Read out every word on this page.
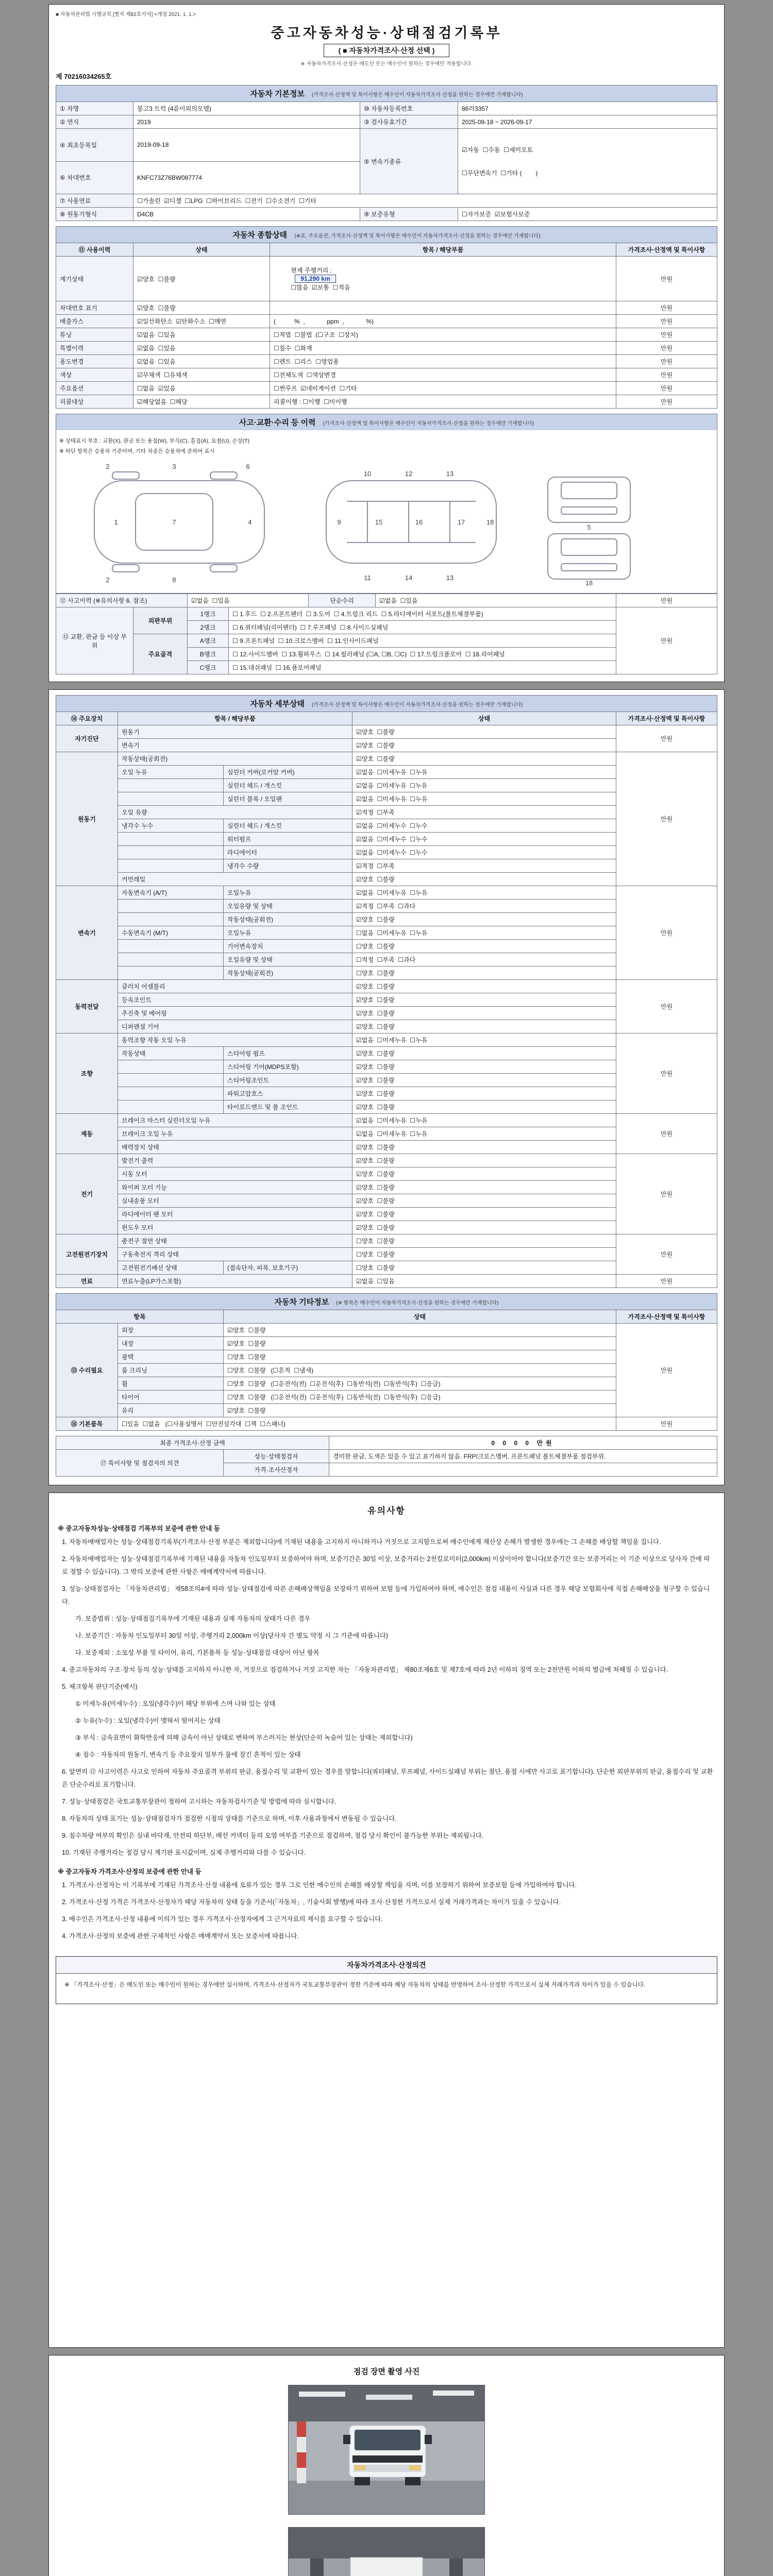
■ 자동차관리법 시행규칙 [별지 제82호서식] <개정 2021. 1. 1.>
중고자동차성능·상태점검기록부
( ■ 자동차가격조사·산정 선택 )
※ 자동차가격조사·산정은 매도인 또는 매수인이 원하는 경우에만 적용합니다.
제 70216034265호
자동차 기본정보 (가격조사·산정액 및 특이사항은 매수인이 자동차가격조사·산정을 원하는 경우에만 기재합니다)
① 차명	봉고3 트럭 (4륜이외의모델)	⑩ 자동차등록번호	86러3357
② 연식	2019	③ 검사유효기간	2025-09-18 ~ 2026-09-17
④ 최초등록일	2019-09-18	⑤ 변속기종류	☑자동  ☐수동  ☐세미오토

☐무단변속기  ☐기타 (        )

⑥ 차대번호	KNFC73Z76BW087774		
⑦ 사용연료	☐가솔린  ☑디젤  ☐LPG  ☐하이브리드  ☐전기  ☐수소전기  ☐기타		
⑧ 원동기형식	D4CB	⑨ 보증유형	☐자가보증  ☑보험사보증
자동차 종합상태 (※표, 주요옵션, 가격조사·산정액 및 특이사항은 매수인이 자동차가격조사·산정을 원하는 경우에만 기재합니다)
⑪ 사용이력	상태	항목 / 해당부품	가격조사·산정액 및 특이사항
계기상태	☑양호  ☐불량	현재 주행거리 :
91,290 km
☐많음  ☑보통  ☐적음	만원
차대번호 표기	☑양호  ☐불량		만원
배출가스	☑일산화탄소  ☑탄화수소  ☐매연	(　　　%  ,  　　　ppm  ,  　　　%)	만원
튜닝	☑없음  ☐있음	☐적법  ☐불법  (☐구조  ☐장치)	만원
특별이력	☑없음  ☐있음	☐침수  ☐화재	만원
용도변경	☑없음  ☐있음	☐렌트  ☐리스  ☐영업용	만원
색상	☑무채색  ☐유채색	☐전체도색  ☐색상변경	만원
주요옵션	☐없음  ☑있음	☐썬루프  ☑네비게이션  ☐기타	만원
리콜대상	☑해당없음  ☐해당	리콜이행 : ☐이행  ☐미이행	만원
사고·교환·수리 등 이력 (가격조사·산정액 및 특이사항은 매수인이 자동차가격조사·산정을 원하는 경우에만 기재합니다)
※ 상태표시 부호 : 교환(X), 판금 또는 용접(W), 부식(C), 흠집(A), 요철(U), 손상(T)
※ 하단 항목은 승용차 기준이며, 기타 차종은 승용차에 준하여 표시
1	7	4
2	3	6
8
2
9	15	16	17	18
10	12	13
11	14	13
5
18
⑫ 사고이력 (※유의사항 6. 참조)	☑없음  ☐있음	단순수리	☑없음  ☐있음	만원
⑬ 교환, 판금 등 이상 부위	외판부위	1랭크	☐ 1.후드  ☐ 2.프론트펜더  ☐ 3.도어  ☐ 4.트렁크 리드  ☐ 5.라디에이터 서포트(볼트체결부품)	만원
		2랭크	☐ 6.쿼터패널(리어펜더)  ☐ 7.루프패널  ☐ 8.사이드실패널	
	주요골격	A랭크	☐ 9.프론트패널  ☐ 10.크로스멤버  ☐ 11.인사이드패널	
		B랭크	☐ 12.사이드멤버  ☐ 13.휠하우스  ☐ 14.필러패널 (☐A, ☐B, ☐C)  ☐ 17.트렁크플로어  ☐ 18.리어패널	
		C랭크	☐ 15.대쉬패널  ☐ 16.플로어패널	
자동차 세부상태 (가격조사·산정액 및 특이사항은 매수인이 자동차가격조사·산정을 원하는 경우에만 기재합니다)
⑭ 주요장치	항목 / 해당부품		상태	가격조사·산정액 및 특이사항
자기진단	원동기		☑양호  ☐불량	만원
	변속기		☑양호  ☐불량	
원동기	작동상태(공회전)		☑양호  ☐불량	만원
	오일 누유	실린더 커버(로커암 커버)	☑없음  ☐미세누유  ☐누유	
		실린더 헤드 / 개스킷	☑없음  ☐미세누유  ☐누유	
		실린더 블록 / 오일팬	☑없음  ☐미세누유  ☐누유	
	오일 유량		☑적정  ☐부족	
	냉각수 누수	실린더 헤드 / 개스킷	☑없음  ☐미세누수  ☐누수	
		워터펌프	☑없음  ☐미세누수  ☐누수	
		라디에이터	☑없음  ☐미세누수  ☐누수	
		냉각수 수량	☑적정  ☐부족	
	커먼레일		☑양호  ☐불량	
변속기	자동변속기 (A/T)	오일누유	☑없음  ☐미세누유  ☐누유	만원
		오일유량 및 상태	☑적정  ☐부족  ☐과다	
		작동상태(공회전)	☑양호  ☐불량	
	수동변속기 (M/T)	오일누유	☐없음  ☐미세누유  ☐누유	
		기어변속장치	☐양호  ☐불량	
		오일유량 및 상태	☐적정  ☐부족  ☐과다	
		작동상태(공회전)	☐양호  ☐불량	
동력전달	클러치 어셈블리		☑양호  ☐불량	만원
	등속조인트		☑양호  ☐불량	
	추진축 및 베어링		☑양호  ☐불량	
	디퍼렌셜 기어		☑양호  ☐불량	
조향	동력조향 작동 오일 누유		☑없음  ☐미세누유  ☐누유	만원
	작동상태	스티어링 펌프	☑양호  ☐불량	
		스티어링 기어(MDPS포함)	☑양호  ☐불량	
		스티어링조인트	☑양호  ☐불량	
		파워고압호스	☑양호  ☐불량	
		타이로드엔드 및 볼 조인트	☑양호  ☐불량	
제동	브레이크 마스터 실린더오일 누유		☑없음  ☐미세누유  ☐누유	만원
	브레이크 오일 누유		☑없음  ☐미세누유  ☐누유	
	배력장치 상태		☑양호  ☐불량	
전기	발전기 출력		☑양호  ☐불량	만원
	시동 모터		☑양호  ☐불량	
	와이퍼 모터 기능		☑양호  ☐불량	
	실내송풍 모터		☑양호  ☐불량	
	라디에이터 팬 모터		☑양호  ☐불량	
	윈도우 모터		☑양호  ☐불량	
고전원전기장치	충전구 절연 상태		☐양호  ☐불량	만원
	구동축전지 격리 상태		☐양호  ☐불량	
	고전원전기배선 상태	(접속단자, 피복, 보호기구)	☐양호  ☐불량	
연료	연료누출(LP가스포함)		☑없음  ☐있음	만원
자동차 기타정보 (※ 항목은 매수인이 자동차가격조사·산정을 원하는 경우에만 기재합니다)
항목		상태	가격조사·산정액 및 특이사항
⑮ 수리필요	외장	☑양호  ☐불량	만원
	내장	☑양호  ☐불량	
	광택	☐양호  ☐불량	
	룸 크리닝	☐양호  ☐불량   (☐흔적  ☐냄새)	
	휠	☐양호  ☐불량   (☐운전석(전)  ☐운전석(후)  ☐동반석(전)  ☐동반석(후)  ☐응급)	
	타이어	☐양호  ☐불량   (☐운전석(전)  ☐운전석(후)  ☐동반석(전)  ☐동반석(후)  ☐응급)	
	유리	☑양호  ☐불량	
⑯ 기본품목	☐있음  ☐없음   (☐사용설명서  ☐안전삼각대  ☐잭  ☐스패너)		만원
최종 가격조사·산정 금액		0 0 0 0 만원
⑰ 특이사항 및 점검자의 의견	성능·상태점검자	경미한 판금, 도색은 있을 수 있고 표기하지 않음. FRP/크로스멤버, 프론트패널 볼트체결부품 점검부위.
	가격·조사산정자	
유의사항
※ 중고자동차성능·상태점검 기록부의 보증에 관한 안내 등
1. 자동차매매업자는 성능·상태점검기록부(가격조사·산정 부분은 제외합니다)에 기재된 내용을 고지하지 아니하거나 거짓으로 고지함으로써 매수인에게 재산상 손해가 발생한 경우에는 그 손해를 배상할 책임을 집니다.
2. 자동차매매업자는 성능·상태점검기록부에 기재된 내용을 자동차 인도일부터 보증하여야 하며, 보증기간은 30일 이상, 보증거리는 2천킬로미터(2,000km) 이상이어야 합니다(보증기간 또는 보증거리는 이 기준 이상으로 당사자 간에 따로 정할 수 있습니다). 그 밖의 보증에 관한 사항은 매매계약서에 따릅니다.
3. 성능·상태점검자는 「자동차관리법」 제58조의4에 따라 성능·상태점검에 따른 손해배상책임을 보장하기 위하여 보험 등에 가입하여야 하며, 매수인은 점검 내용이 사실과 다른 경우 해당 보험회사에 직접 손해배상을 청구할 수 있습니다.
가. 보증범위 : 성능·상태점검기록부에 기재된 내용과 실제 자동차의 상태가 다른 경우
나. 보증기간 : 자동차 인도일부터 30일 이상, 주행거리 2,000km 이상(당사자 간 별도 약정 시 그 기준에 따릅니다)
다. 보증제외 : 소모성 부품 및 타이어, 유리, 기본품목 등 성능·상태점검 대상이 아닌 항목
4. 중고자동차의 구조·장치 등의 성능·상태를 고지하지 아니한 자, 거짓으로 점검하거나 거짓 고지한 자는 「자동차관리법」 제80조제6호 및 제7호에 따라 2년 이하의 징역 또는 2천만원 이하의 벌금에 처해질 수 있습니다.
5. 체크항목 판단기준(예시)
① 미세누유(미세누수) : 오일(냉각수)이 해당 부위에 스며 나와 있는 상태
② 누유(누수) : 오일(냉각수)이 맺혀서 떨어지는 상태
③ 부식 : 금속표면이 화학반응에 의해 금속이 아닌 상태로 변하여 부스러지는 현상(단순히 녹슬어 있는 상태는 제외합니다)
④ 침수 : 자동차의 원동기, 변속기 등 주요장치 일부가 물에 잠긴 흔적이 있는 상태
6. 앞면의 ⑫ 사고이력은 사고로 인하여 자동차 주요골격 부위의 판금, 용접수리 및 교환이 있는 경우를 말합니다(쿼터패널, 루프패널, 사이드실패널 부위는 절단, 용접 시에만 사고로 표기합니다). 단순한 외판부위의 판금, 용접수리 및 교환은 단순수리로 표기합니다.
7. 성능·상태점검은 국토교통부장관이 정하여 고시하는 자동차검사기준 및 방법에 따라 실시합니다.
8. 자동차의 상태 표기는 성능·상태점검자가 점검한 시점의 상태를 기준으로 하며, 이후 사용과정에서 변동될 수 있습니다.
9. 침수차량 여부의 확인은 실내 바닥재, 안전띠 하단부, 배선 커넥터 등의 오염 여부를 기준으로 점검하며, 점검 당시 확인이 불가능한 부위는 제외됩니다.
10. 기재된 주행거리는 점검 당시 계기판 표시값이며, 실제 주행거리와 다를 수 있습니다.
※ 중고자동차 가격조사·산정의 보증에 관한 안내 등
1. 가격조사·산정자는 이 기록부에 기재된 가격조사·산정 내용에 오류가 있는 경우 그로 인한 매수인의 손해를 배상할 책임을 지며, 이를 보장하기 위하여 보증보험 등에 가입하여야 합니다.
2. 가격조사·산정 가격은 가격조사·산정자가 해당 자동차의 상태 등을 기준서(「자동차」, 기술사회 발행)에 따라 조사·산정한 가격으로서 실제 거래가격과는 차이가 있을 수 있습니다.
3. 매수인은 가격조사·산정 내용에 이의가 있는 경우 가격조사·산정자에게 그 근거자료의 제시를 요구할 수 있습니다.
4. 가격조사·산정의 보증에 관한 구체적인 사항은 매매계약서 또는 보증서에 따릅니다.
자동차가격조사·산정의견
※ 「가격조사·산정」은 매도인 또는 매수인이 원하는 경우에만 실시하며, 가격조사·산정자가 국토교통부장관이 정한 기준에 따라 해당 자동차의 상태를 반영하여 조사·산정한 가격으로서 실제 거래가격과 차이가 있을 수 있습니다.
점검 장면 촬영 사진
